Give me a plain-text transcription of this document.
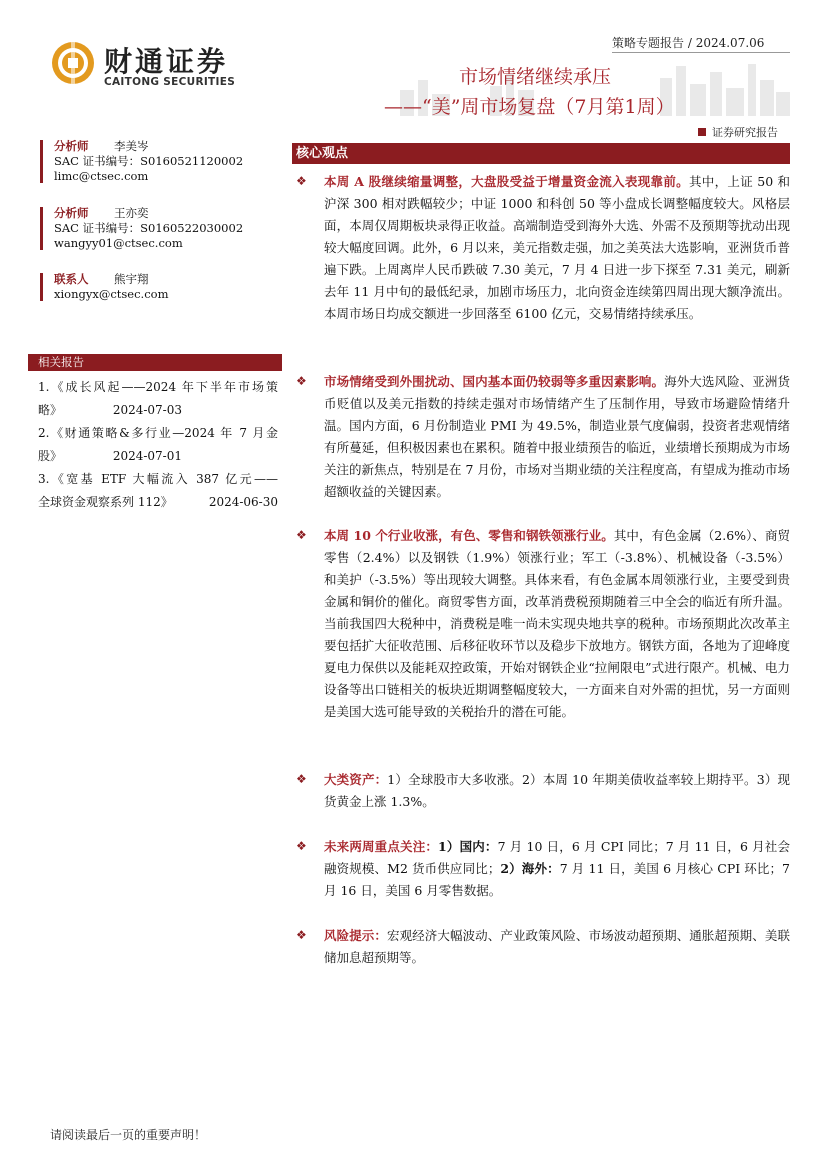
策略专题报告 / 2024.07.06
财通证券
CAITONG SECURITIES	市场情绪继续承压
——“美”周市场复盘（7月第1周）
证券研究报告
分析师 李美岑
SAC 证书编号：S0160521120002
limc@ctsec.com
分析师 王亦奕
SAC 证书编号：S0160522030002
wangyy01@ctsec.com
联系人 熊宇翔
xiongyx@ctsec.com
相关报告
1.《成长风起——2024 年下半年市场策
略》	2024-07-03
2.《财通策略&多行业—2024 年 7 月金
股》	2024-07-01
3.《宽基 ETF 大幅流入 387 亿元——
全球资金观察系列 112》	2024-06-30
核心观点
❖ 本周 A 股继续缩量调整，大盘股受益于增量资金流入表现靠前。其中，上证 50 和沪深 300 相对跌幅较少；中证 1000 和科创 50 等小盘成长调整幅度较大。风格层面，本周仅周期板块录得正收益。高端制造受到海外大选、外需不及预期等扰动出现较大幅度回调。此外，6 月以来，美元指数走强，加之美英法大选影响，亚洲货币普遍下跌。上周离岸人民币跌破 7.30 美元，7 月 4 日进一步下探至 7.31 美元，刷新去年 11 月中旬的最低纪录，加剧市场压力，北向资金连续第四周出现大额净流出。本周市场日均成交额进一步回落至 6100 亿元，交易情绪持续承压。
❖ 市场情绪受到外围扰动、国内基本面仍较弱等多重因素影响。海外大选风险、亚洲货币贬值以及美元指数的持续走强对市场情绪产生了压制作用，导致市场避险情绪升温。国内方面，6 月份制造业 PMI 为 49.5%，制造业景气度偏弱，投资者悲观情绪有所蔓延，但积极因素也在累积。随着中报业绩预告的临近，业绩增长预期成为市场关注的新焦点，特别是在 7 月份，市场对当期业绩的关注程度高，有望成为推动市场超额收益的关键因素。
❖ 本周 10 个行业收涨，有色、零售和钢铁领涨行业。其中，有色金属（2.6%）、商贸零售（2.4%）以及钢铁（1.9%）领涨行业；军工（-3.8%）、机械设备（-3.5%）和美护（-3.5%）等出现较大调整。具体来看，有色金属本周领涨行业，主要受到贵金属和铜价的催化。商贸零售方面，改革消费税预期随着三中全会的临近有所升温。当前我国四大税种中，消费税是唯一尚未实现央地共享的税种。市场预期此次改革主要包括扩大征收范围、后移征收环节以及稳步下放地方。钢铁方面，各地为了迎峰度夏电力保供以及能耗双控政策，开始对钢铁企业“拉闸限电”式进行限产。机械、电力设备等出口链相关的板块近期调整幅度较大，一方面来自对外需的担忧，另一方面则是美国大选可能导致的关税抬升的潜在可能。
❖ 大类资产：1）全球股市大多收涨。2）本周 10 年期美债收益率较上期持平。3）现货黄金上涨 1.3%。
❖ 未来两周重点关注：1）国内：7 月 10 日，6 月 CPI 同比；7 月 11 日，6 月社会融资规模、M2 货币供应同比；2）海外：7 月 11 日，美国 6 月核心 CPI 环比；7 月 16 日，美国 6 月零售数据。
❖ 风险提示：宏观经济大幅波动、产业政策风险、市场波动超预期、通胀超预期、美联储加息超预期等。
请阅读最后一页的重要声明！
